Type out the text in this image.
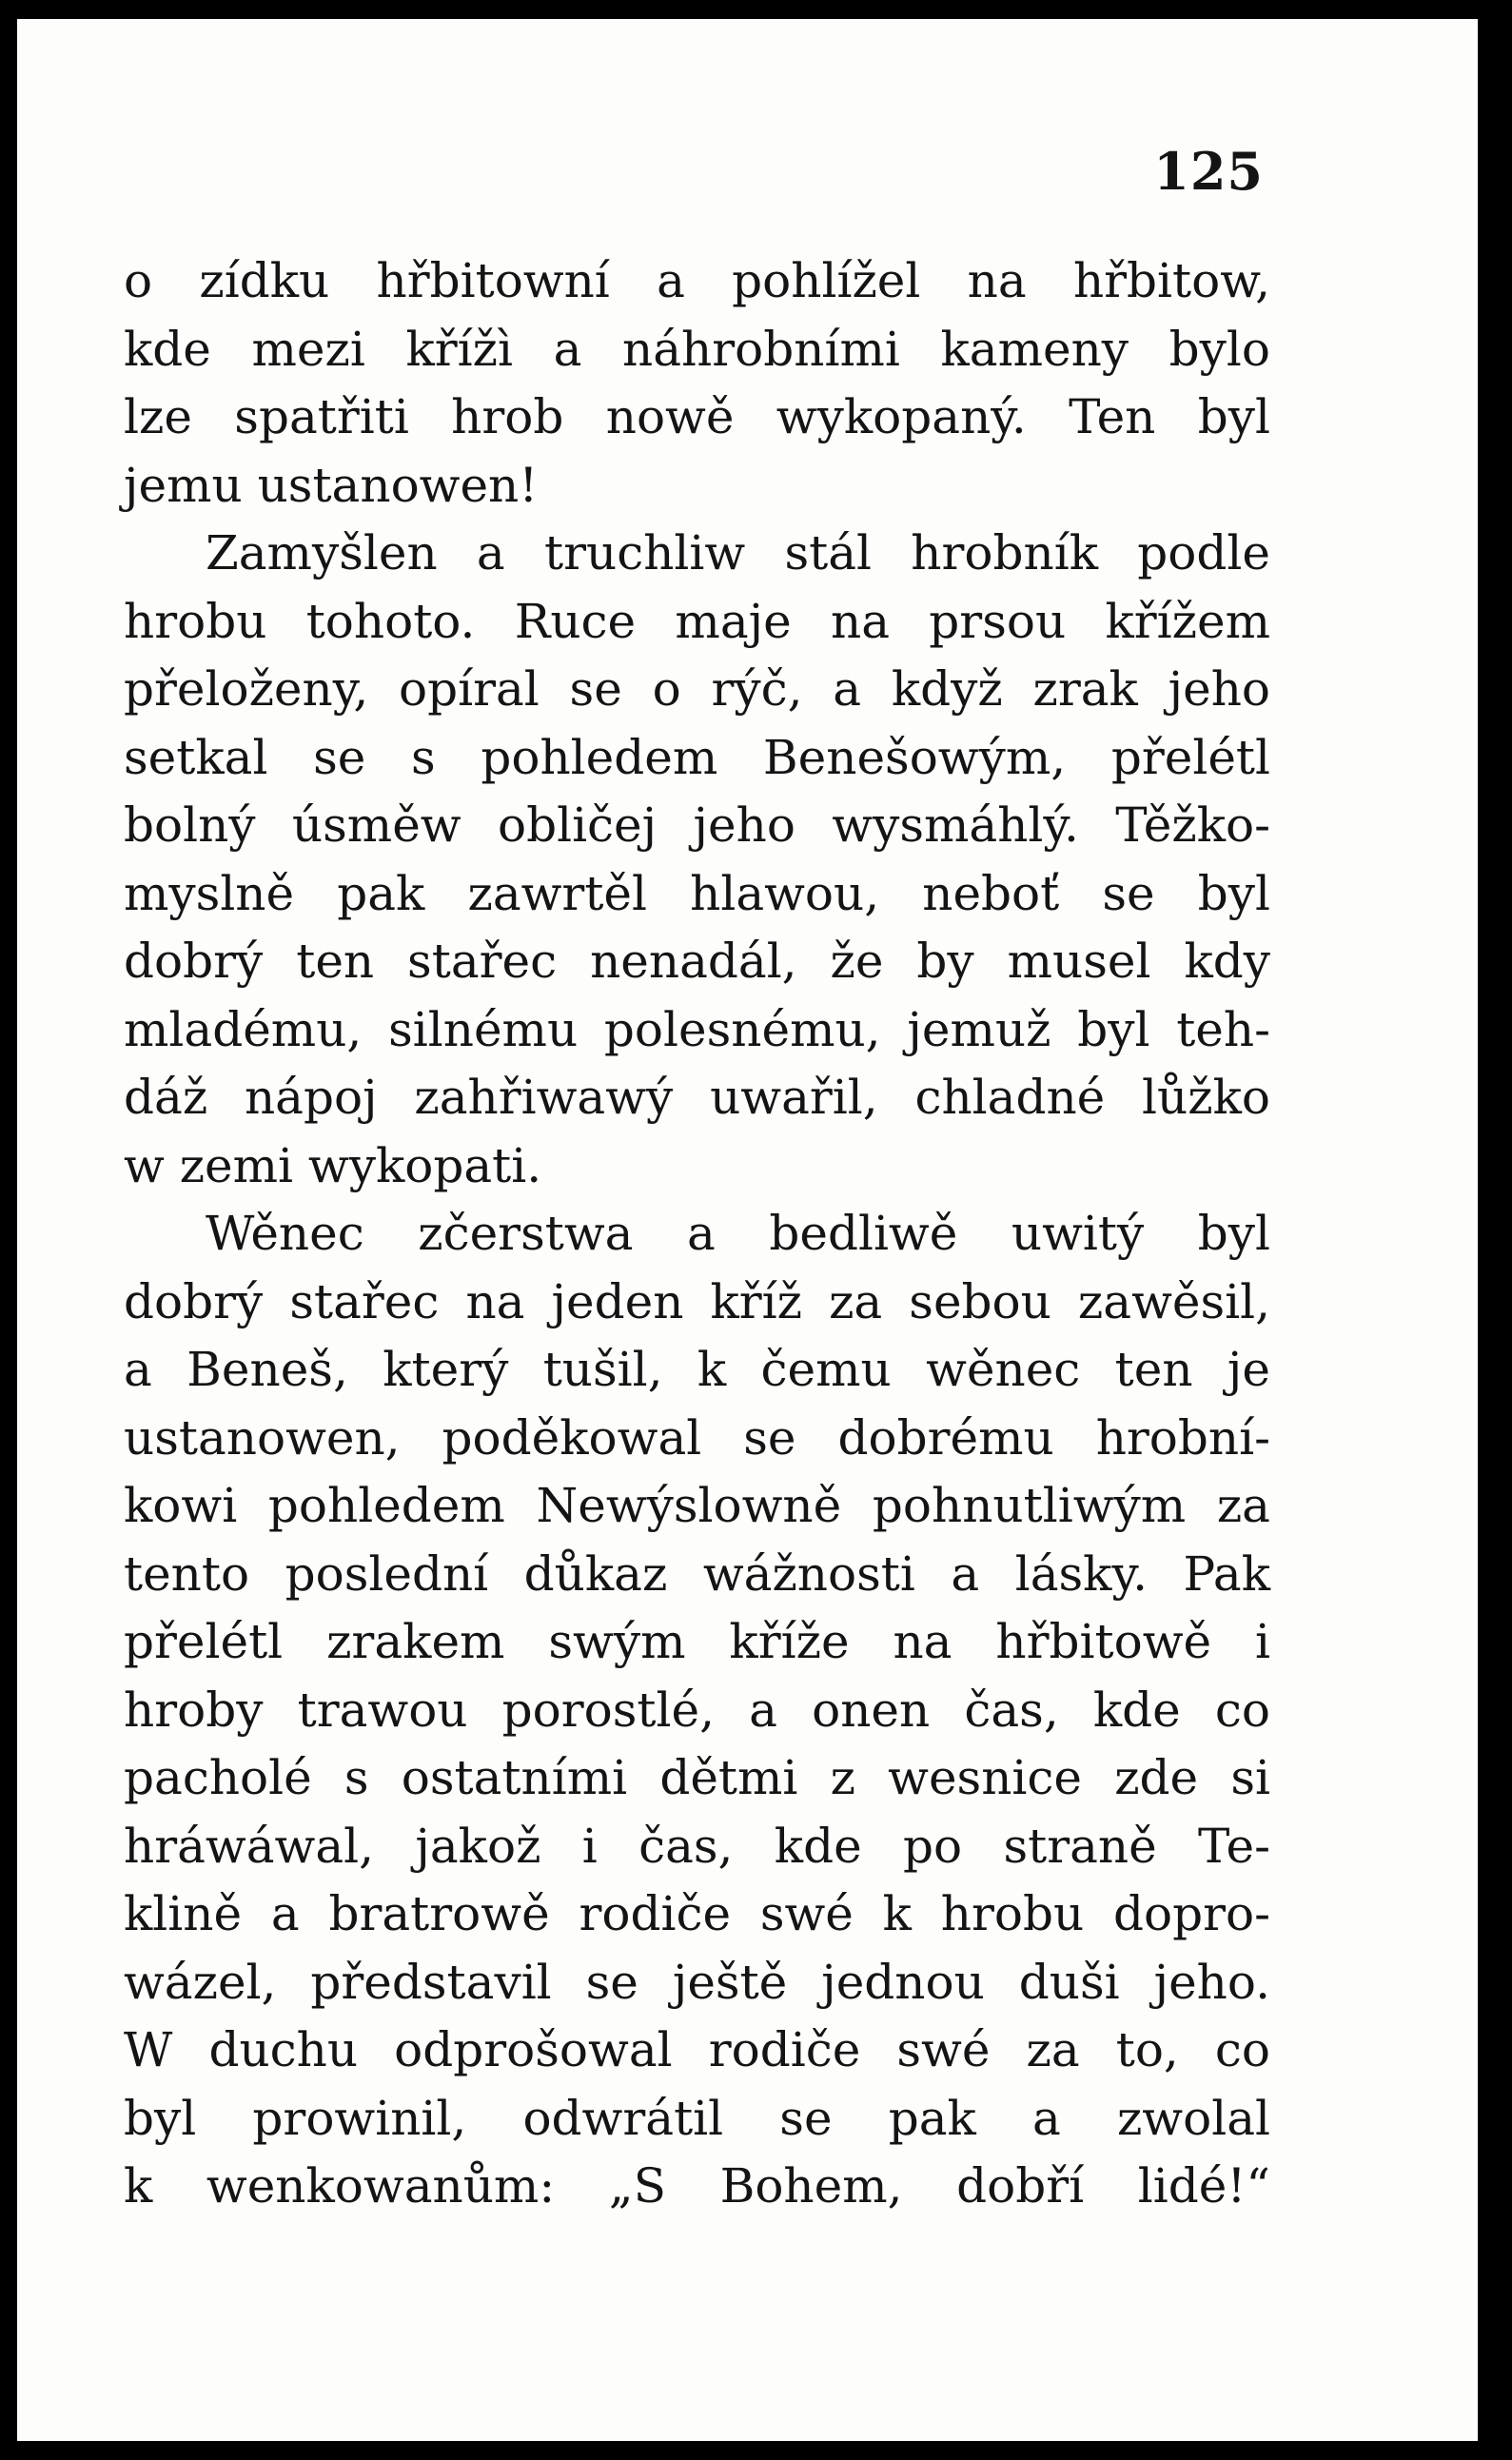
125
o zídku hřbitowní a pohlížel na hřbitow,
kde mezi křížì a náhrobními kameny bylo
lze spatřiti hrob nowě wykopaný. Ten byl
jemu ustanowen!
Zamyšlen a truchliw stál hrobník podle
hrobu tohoto. Ruce maje na prsou křížem
přeloženy, opíral se o rýč, a když zrak jeho
setkal se s pohledem Benešowým, přelétl
bolný úsměw obličej jeho wysmáhlý. Těžko-
myslně pak zawrtěl hlawou, neboť se byl
dobrý ten stařec nenadál, že by musel kdy
mladému, silnému polesnému, jemuž byl teh-
dáž nápoj zahřiwawý uwařil, chladné lůžko
w zemi wykopati.
Wěnec zčerstwa a bedliwě uwitý byl
dobrý stařec na jeden kříž za sebou zawěsil,
a Beneš, který tušil, k čemu wěnec ten je
ustanowen, poděkowal se dobrému hrobní-
kowi pohledem Newýslowně pohnutliwým za
tento poslední důkaz wážnosti a lásky. Pak
přelétl zrakem swým kříže na hřbitowě i
hroby trawou porostlé, a onen čas, kde co
pacholé s ostatními dětmi z wesnice zde si
hráwáwal, jakož i čas, kde po straně Te-
klině a bratrowě rodiče swé k hrobu dopro-
wázel, představil se ještě jednou duši jeho.
W duchu odprošowal rodiče swé za to, co
byl prowinil, odwrátil se pak a zwolal
k wenkowanům: „S Bohem, dobří lidé!“
